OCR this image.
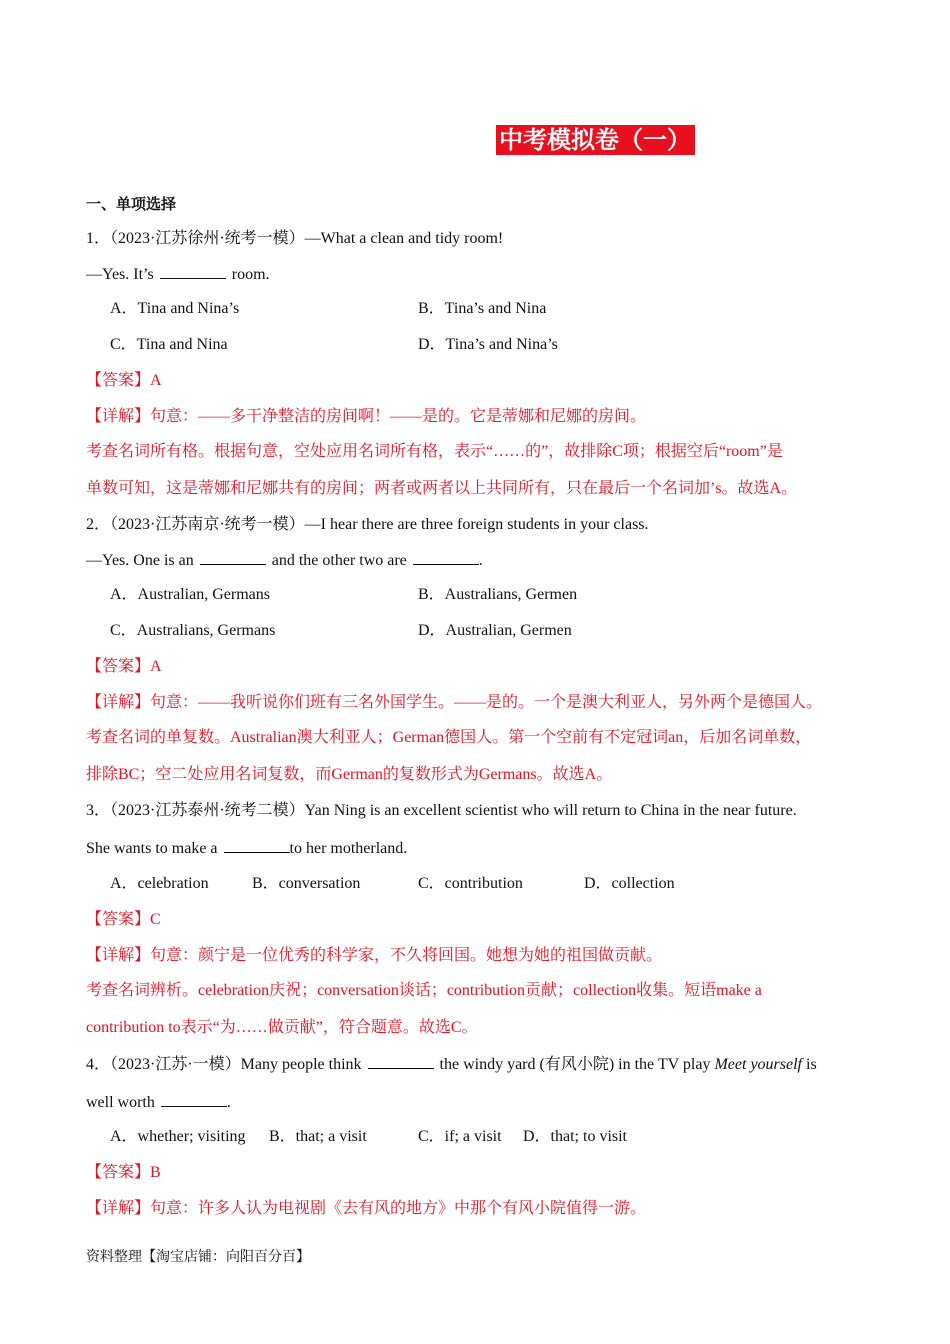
中考模拟卷（一）
一、单项选择
1．（2023·江苏徐州·统考一模）—What a clean and tidy room!
—Yes. It’s	room.
A．Tina and Nina’s	B．Tina’s and Nina
C．Tina and Nina	D．Tina’s and Nina’s
【答案】A
【详解】句意：——多干净整洁的房间啊！——是的。它是蒂娜和尼娜的房间。
考查名词所有格。根据句意，空处应用名词所有格，表示“……的”，故排除C项；根据空后“room”是
单数可知，这是蒂娜和尼娜共有的房间；两者或两者以上共同所有，只在最后一个名词加’s。故选A。
2．（2023·江苏南京·统考一模）—I hear there are three foreign students in your class.
—Yes. One is an	and the other two are	.
A．Australian, Germans	B．Australians, Germen
C．Australians, Germans	D．Australian, Germen
【答案】A
【详解】句意：——我听说你们班有三名外国学生。——是的。一个是澳大利亚人，另外两个是德国人。
考查名词的单复数。Australian澳大利亚人；German德国人。第一个空前有不定冠词an，后加名词单数，
排除BC；空二处应用名词复数，而German的复数形式为Germans。故选A。
3．（2023·江苏泰州·统考二模）Yan Ning is an excellent scientist who will return to China in the near future.
She wants to make a	to her motherland.
A．celebration	B．conversation	C．contribution	D．collection
【答案】C
【详解】句意：颜宁是一位优秀的科学家，不久将回国。她想为她的祖国做贡献。
考查名词辨析。celebration庆祝；conversation谈话；contribution贡献；collection收集。短语make a
contribution to表示“为……做贡献”，符合题意。故选C。
4．（2023·江苏·一模）Many people think	the windy yard (有风小院) in the TV play Meet yourself is
well worth	.
A．whether; visiting B．that; a visit	C．if; a visit D．that; to visit
【答案】B
【详解】句意：许多人认为电视剧《去有风的地方》中那个有风小院值得一游。
资料整理【淘宝店铺：向阳百分百】
